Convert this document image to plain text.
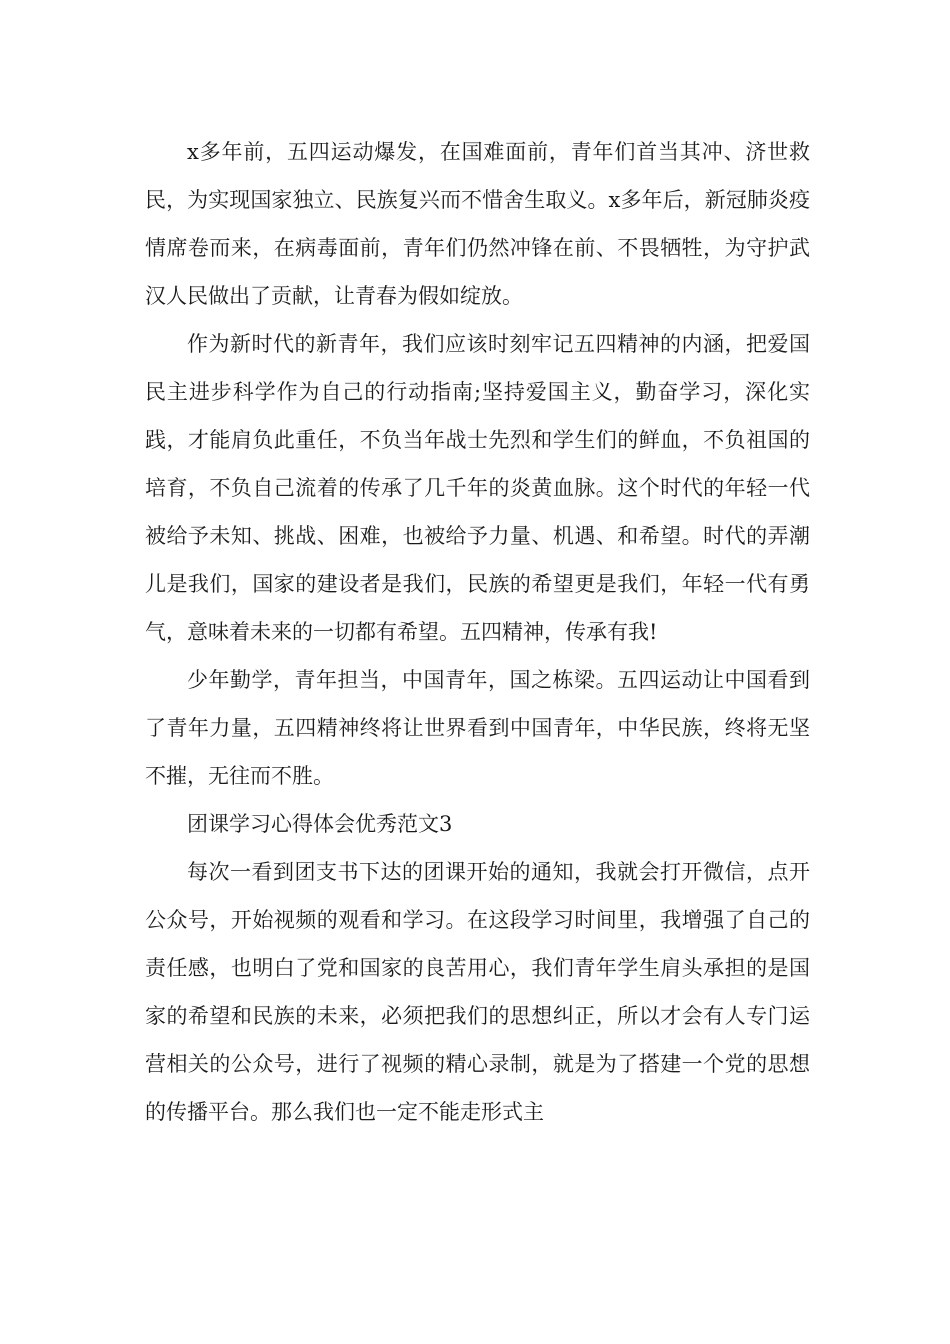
x多年前，五四运动爆发，在国难面前，青年们首当其冲、济世救民，为实现国家独立、民族复兴而不惜舍生取义。x多年后，新冠肺炎疫情席卷而来，在病毒面前，青年们仍然冲锋在前、不畏牺牲，为守护武汉人民做出了贡献，让青春为假如绽放。

作为新时代的新青年，我们应该时刻牢记五四精神的内涵，把爱国民主进步科学作为自己的行动指南;坚持爱国主义，勤奋学习，深化实践，才能肩负此重任，不负当年战士先烈和学生们的鲜血，不负祖国的培育，不负自己流着的传承了几千年的炎黄血脉。这个时代的年轻一代被给予未知、挑战、困难，也被给予力量、机遇、和希望。时代的弄潮儿是我们，国家的建设者是我们，民族的希望更是我们，年轻一代有勇气，意味着未来的一切都有希望。五四精神，传承有我!

少年勤学，青年担当，中国青年，国之栋梁。五四运动让中国看到了青年力量，五四精神终将让世界看到中国青年，中华民族，终将无坚不摧，无往而不胜。

团课学习心得体会优秀范文3

每次一看到团支书下达的团课开始的通知，我就会打开微信，点开公众号，开始视频的观看和学习。在这段学习时间里，我增强了自己的责任感，也明白了党和国家的良苦用心，我们青年学生肩头承担的是国家的希望和民族的未来，必须把我们的思想纠正，所以才会有人专门运营相关的公众号，进行了视频的精心录制，就是为了搭建一个党的思想的传播平台。那么我们也一定不能走形式主
